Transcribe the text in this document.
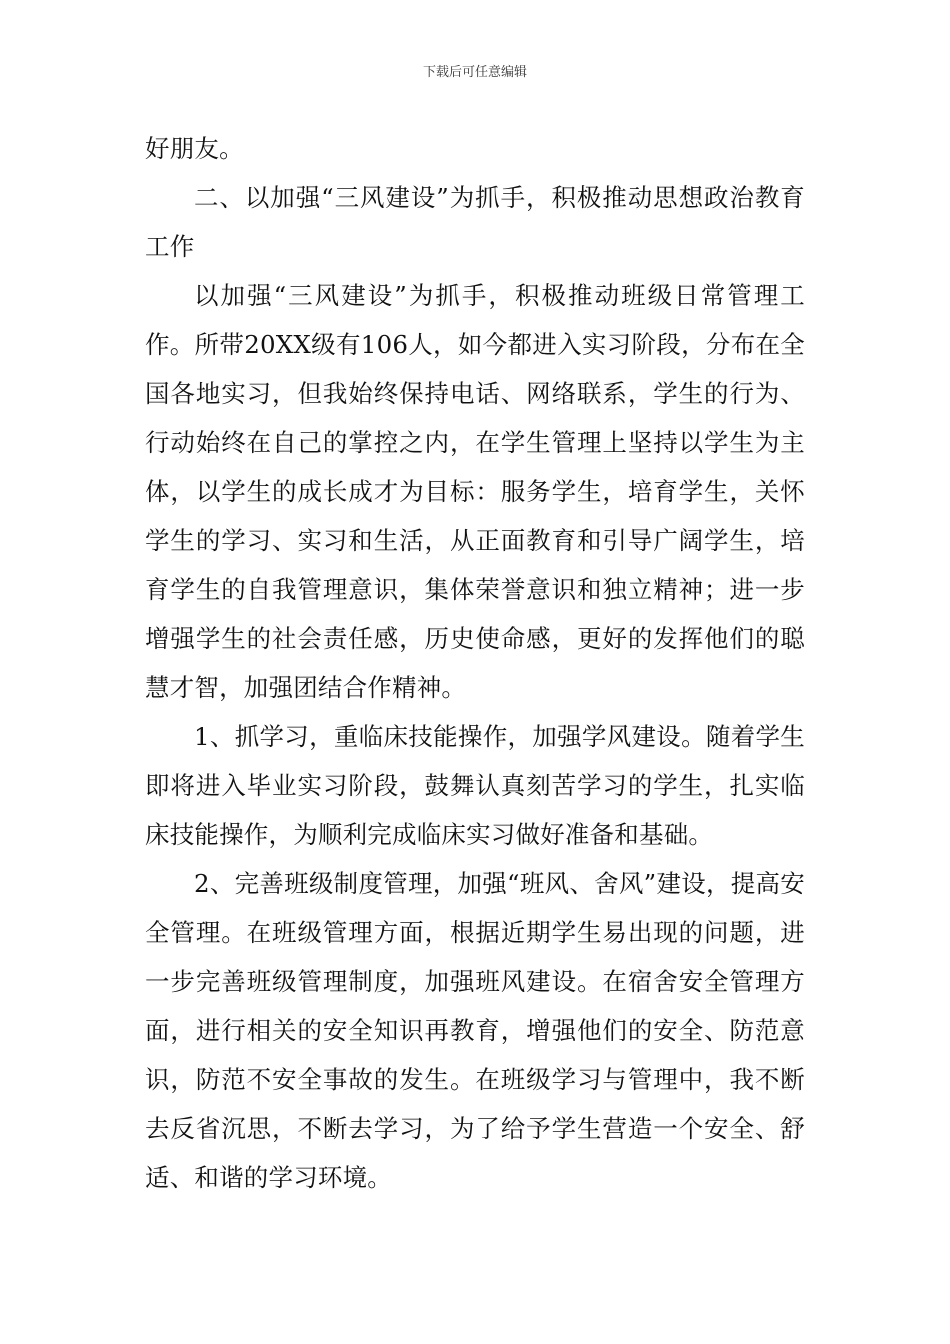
下载后可任意编辑

好朋友。

二、以加强“三风建设”为抓手，积极推动思想政治教育工作

以加强“三风建设”为抓手，积极推动班级日常管理工作。所带20XX级有106人，如今都进入实习阶段，分布在全国各地实习，但我始终保持电话、网络联系，学生的行为、行动始终在自己的掌控之内，在学生管理上坚持以学生为主体，以学生的成长成才为目标：服务学生，培育学生，关怀学生的学习、实习和生活，从正面教育和引导广阔学生，培育学生的自我管理意识，集体荣誉意识和独立精神；进一步增强学生的社会责任感，历史使命感，更好的发挥他们的聪慧才智，加强团结合作精神。

1、抓学习，重临床技能操作，加强学风建设。随着学生即将进入毕业实习阶段，鼓舞认真刻苦学习的学生，扎实临床技能操作，为顺利完成临床实习做好准备和基础。

2、完善班级制度管理，加强“班风、舍风”建设，提高安全管理。在班级管理方面，根据近期学生易出现的问题，进一步完善班级管理制度，加强班风建设。在宿舍安全管理方面，进行相关的安全知识再教育，增强他们的安全、防范意识，防范不安全事故的发生。在班级学习与管理中，我不断去反省沉思，不断去学习，为了给予学生营造一个安全、舒适、和谐的学习环境。
